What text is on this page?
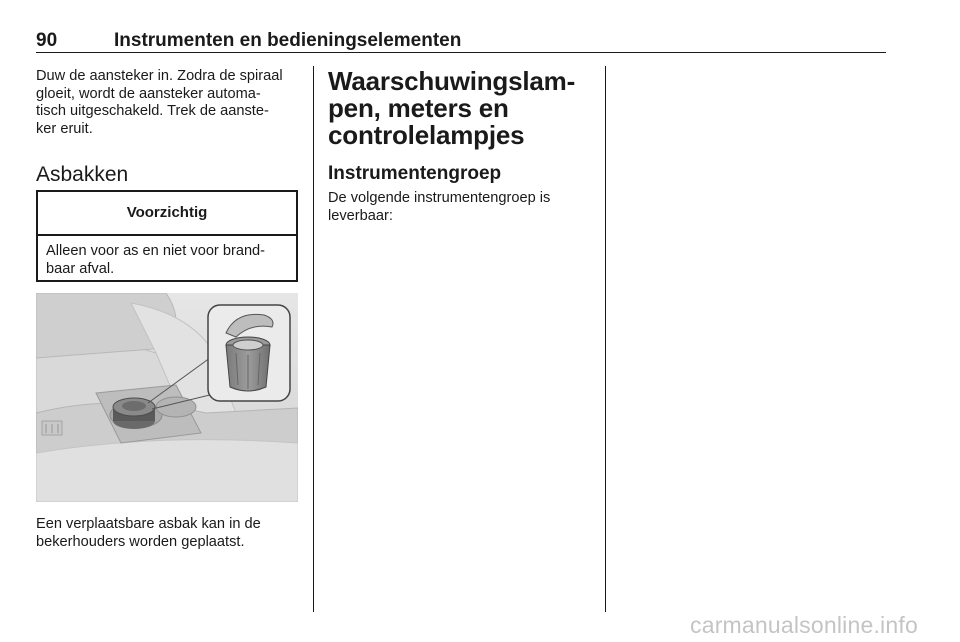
90	Instrumenten en bedieningselementen

Duw de aansteker in. Zodra de spiraal
gloeit, wordt de aansteker automa-
tisch uitgeschakeld. Trek de aanste-
ker eruit.

Asbakken
Voorzichtig
Alleen voor as en niet voor brand-
baar afval.

Een verplaatsbare asbak kan in de
bekerhouders worden geplaatst.

Waarschuwingslam-
pen, meters en
controlelampjes
Instrumentengroep

De volgende instrumentengroep is
leverbaar:

carmanualsonline.info
